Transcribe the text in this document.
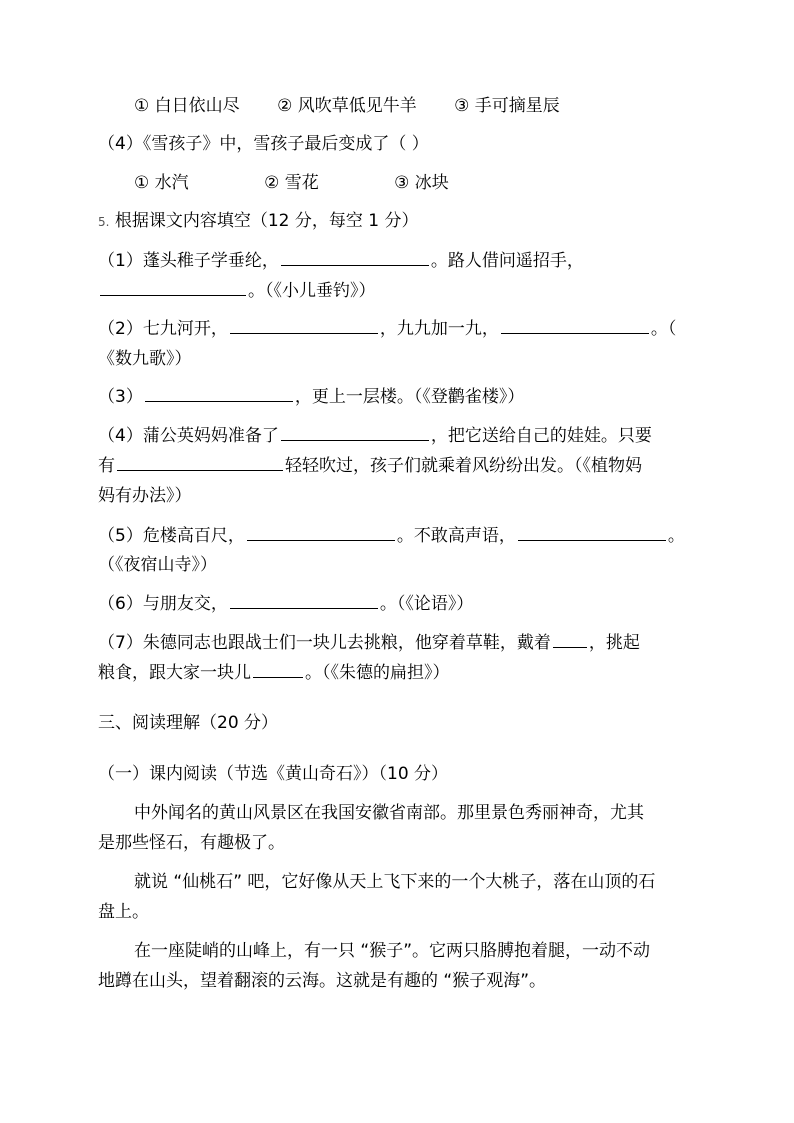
① 白日依山尽 ② 风吹草低见牛羊 ③ 手可摘星辰
（4）《雪孩子》中，雪孩子最后变成了（ ）
① 水汽	② 雪花	③ 冰块
5. 根据课文内容填空（12 分，每空 1 分）
（1）蓬头稚子学垂纶，	。路人借问遥招手，
。（《小儿垂钓》）
（2）七九河开，	，九九加一九，	。（
《数九歌》）
（3）	，更上一层楼。（《登鹳雀楼》）
（4）蒲公英妈妈准备了	，把它送给自己的娃娃。只要
有	轻轻吹过，孩子们就乘着风纷纷出发。（《植物妈
妈有办法》）
（5）危楼高百尺，	。不敢高声语，	。
（《夜宿山寺》）
（6）与朋友交，	。（《论语》）
（7）朱德同志也跟战士们一块儿去挑粮，他穿着草鞋，戴着 ，挑起
粮食，跟大家一块儿	。（《朱德的扁担》）
三、阅读理解（20 分）
（一）课内阅读（节选《黄山奇石》）（10 分）
中外闻名的黄山风景区在我国安徽省南部。那里景色秀丽神奇，尤其
是那些怪石，有趣极了。
就说 “仙桃石” 吧，它好像从天上飞下来的一个大桃子，落在山顶的石
盘上。
在一座陡峭的山峰上，有一只 “猴子”。它两只胳膊抱着腿，一动不动
地蹲在山头，望着翻滚的云海。这就是有趣的 “猴子观海”。
